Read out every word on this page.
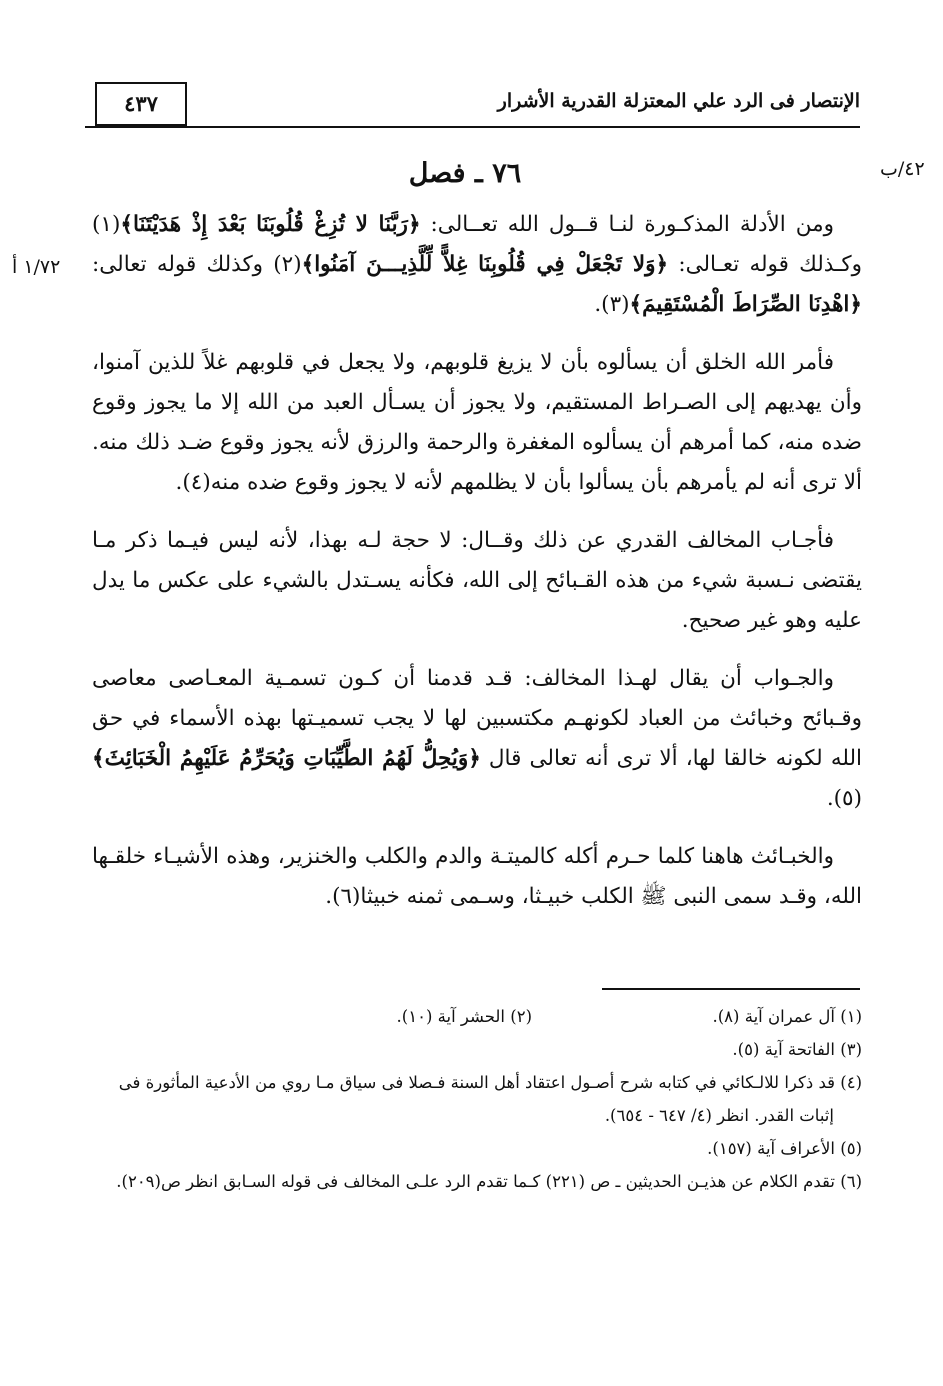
الإنتصار فى الرد علي المعتزلة القدرية الأشرار
٤٣٧
٤٢/ب
١/٧٢ أ
٧٦ ـ فصل

ومن الأدلة المذكـورة لنـا قــول الله تعــالى: ﴿رَبَّنَا لا تُزِغْ قُلُوبَنَا بَعْدَ إِذْ هَدَيْتَنَا﴾(١) وكـذلك قوله تعـالى: ﴿وَلا تَجْعَلْ فِي قُلُوبِنَا غِلاًّ لِّلَّذِيـــنَ آمَنُوا﴾(٢) وكذلك قوله تعالى: ﴿اهْدِنَا الصِّرَاطَ الْمُسْتَقِيمَ﴾(٣).

فأمر الله الخلق أن يسألوه بأن لا يزيغ قلوبهم، ولا يجعل في قلوبهم غلاً للذين آمنوا، وأن يهديهم إلى الصـراط المستقيم، ولا يجوز أن يسـأل العبد من الله إلا ما يجوز وقوع ضده منه، كما أمرهم أن يسألوه المغفرة والرحمة والرزق لأنه يجوز وقوع ضـد ذلك منه. ألا ترى أنه لم يأمرهم بأن يسألوا بأن لا يظلمهم لأنه لا يجوز وقوع ضده منه(٤).

فأجـاب المخالف القدري عن ذلك وقــال: لا حجة لـه بهذا، لأنه ليس فيـما ذكر مـا يقتضى نـسبة شيء من هذه القـبائح إلى الله، فكأنه يسـتدل بالشيء على عكس ما يدل عليه وهو غير صحيح.

والجـواب أن يقال لهـذا المخالف: قـد قدمنا أن كـون تسمـية المعـاصى معاصى وقـبائح وخبائث من العباد لكونهـم مكتسبين لها لا يجب تسميـتها بهذه الأسماء في حق الله لكونه خالقا لها، ألا ترى أنه تعالى قال ﴿وَيُحِلُّ لَهُمُ الطَّيِّبَاتِ وَيُحَرِّمُ عَلَيْهِمُ الْخَبَائِثَ﴾(٥).

والخبـائث هاهنا كلما حـرم أكله كالميتـة والدم والكلب والخنزير، وهذه الأشيـاء خلقـها الله، وقـد سمى النبى ﷺ الكلب خبيـثا، وسـمى ثمنه خبيثا(٦).

(١) آل عمران آية (٨).
(٢) الحشر آية (١٠).
(٣) الفاتحة آية (٥).
(٤) قد ذكرا للالـكائي في كتابه شرح أصـول اعتقاد أهل السنة فـصلا فى سياق مـا روي من الأدعية المأثورة فى إثبات القدر. انظر (٤/ ٦٤٧ - ٦٥٤).
(٥) الأعراف آية (١٥٧).
(٦) تقدم الكلام عن هذيـن الحديثين ـ ص (٢٢١) كـما تقدم الرد علـى المخالف فى قوله السـابق انظر ص(٢٠٩).
